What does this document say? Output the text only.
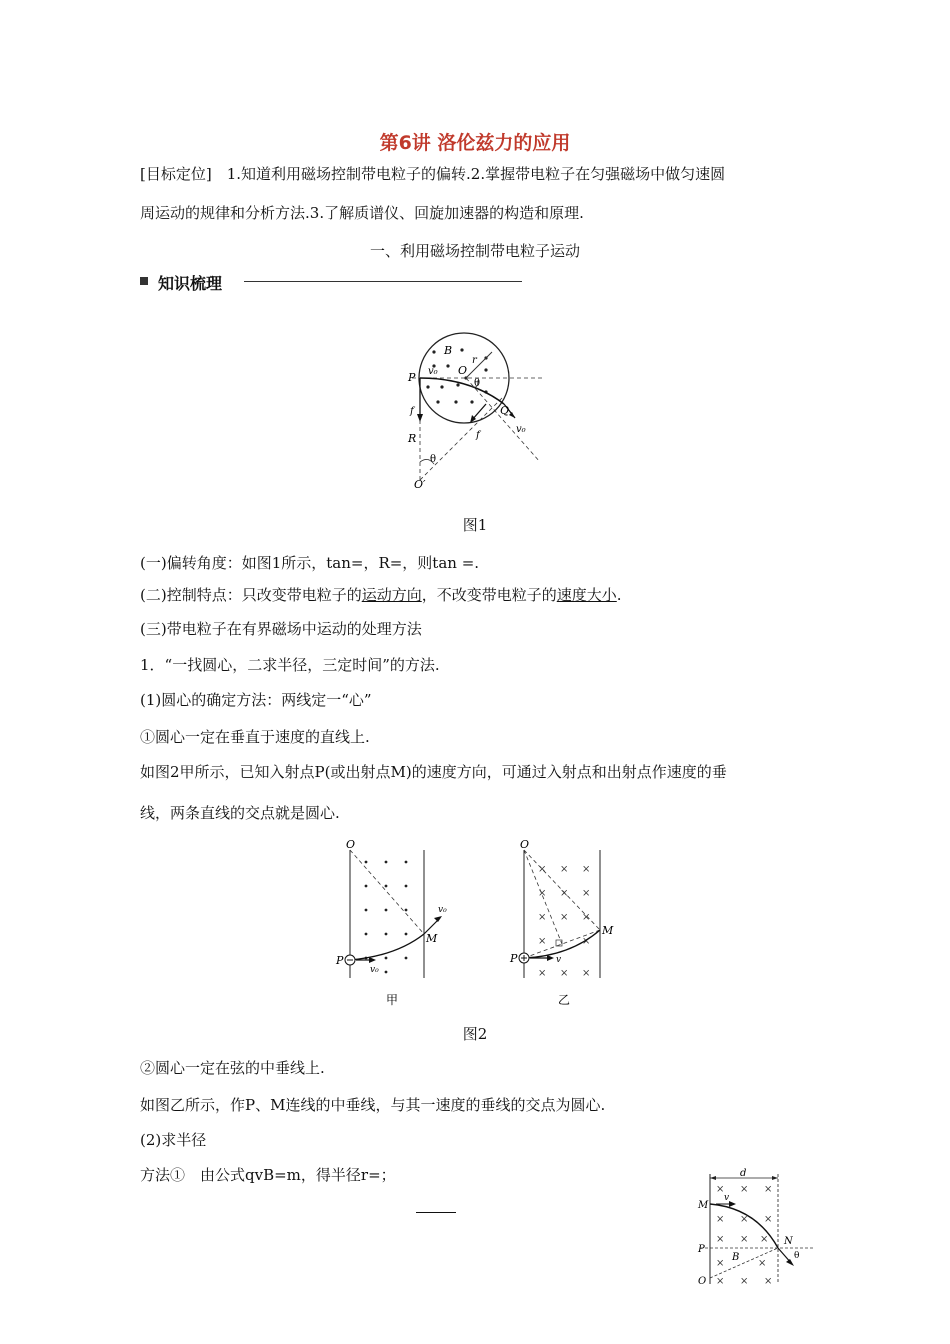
第6讲 洛伦兹力的应用
[目标定位]  1.知道利用磁场控制带电粒子的偏转.2.掌握带电粒子在匀强磁场中做匀速圆
周运动的规律和分析方法.3.了解质谱仪、回旋加速器的构造和原理.
一、利用磁场控制带电粒子运动
知识梳理
B
O
r
θ
P v₀
Q
v₀
f
f
R
θ
O′
图1
(一)偏转角度：如图1所示，tan=，R=，则tan =.
(二)控制特点：只改变带电粒子的运动方向，不改变带电粒子的速度大小.
(三)带电粒子在有界磁场中运动的处理方法
1．“一找圆心，二求半径，三定时间”的方法.
(1)圆心的确定方法：两线定一“心”
①圆心一定在垂直于速度的直线上.
如图2甲所示，已知入射点P(或出射点M)的速度方向，可通过入射点和出射点作速度的垂
线，两条直线的交点就是圆心.
O
M
P
v₀
v₀
甲
× × ×
× × ×
× × ×
×	×
× × ×
O
M
P	v
乙
图2
②圆心一定在弦的中垂线上.
如图乙所示，作P、M连线的中垂线，与其一速度的垂线的交点为圆心.
(2)求半径
方法①　由公式qvB=m，得半径r=；
× × ×
× × ×
× × ×
×	×
× × ×
d
M
v
P
B
N
θ
O
